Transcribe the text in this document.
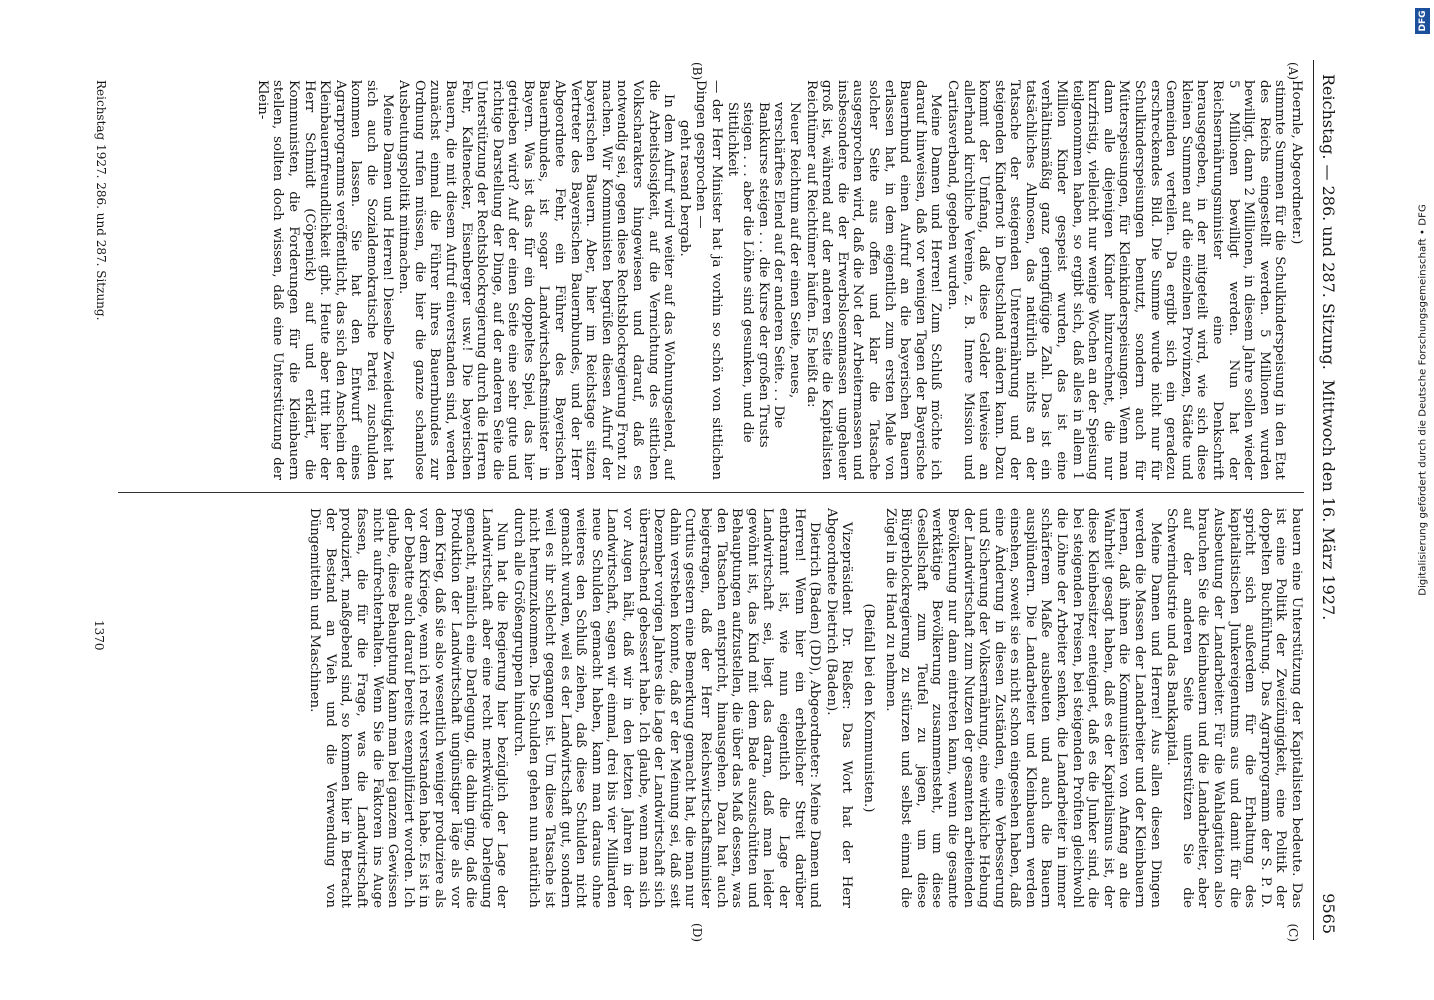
DFG
Digitalisierung gefördert durch die Deutsche Forschungsgemeinschaft • DFG
Reichstag. — 286. und 287. Sitzung.
Mittwoch den 16. März 1927.
9565
(A)
(B)
(C)
(D)

Hoernle, Abgeordneter.)

stimmte Summen für die Schulkinderspeisung in den Etat des Reichs eingestellt werden. 5 Millionen wurden bewilligt, dann 2 Millionen, in diesem Jahre sollen wieder 5 Millionen bewilligt werden. Nun hat der Reichsernährungsminister eine Denkschrift herausgegeben, in der mitgeteilt wird, wie sich diese kleinen Summen auf die einzelnen Provinzen, Städte und Gemeinden verteilen. Da ergibt sich ein geradezu erschreckendes Bild. Die Summe wurde nicht nur für Schulkinderspeisungen benutzt, sondern auch für Mütterspeisungen, für Kleinkinderspeisungen. Wenn man dann alle diejenigen Kinder hinzurechnet, die nur kurzfristig, vielleicht nur wenige Wochen an der Speisung teilgenommen haben, so ergibt sich, daß alles in allem 1 Million Kinder gespeist wurden, das ist eine verhältnismäßig ganz geringfügige Zahl. Das ist ein tatsächliches Almosen, das natürlich nichts an der Tatsache der steigenden Unterernährung und der steigenden Kindernot in Deutschland ändern kann. Dazu kommt der Umfang, daß diese Gelder teilweise an allerhand kirchliche Vereine, z. B. Innere Mission und Caritasverband, gegeben wurden.

Meine Damen und Herren! Zum Schluß möchte ich darauf hinweisen, daß vor wenigen Tagen der Bayerische Bauernbund einen Aufruf an die bayerischen Bauern erlassen hat, in dem eigentlich zum ersten Male von solcher Seite aus offen und klar die Tatsache ausgesprochen wird, daß die Not der Arbeitermassen und insbesondere die der Erwerbslosenmassen ungeheuer groß ist, während auf der anderen Seite die Kapitalisten Reichtümer auf Reichtümer häufen. Es heißt da:

Neuer Reichtum auf der einen Seite, neues, verschärftes Elend auf der anderen Seite. . . Die Bankkurse steigen . . . die Kurse der großen Trusts steigen . . . aber die Löhne sind gesunken, und die Sittlichkeit

— der Herr Minister hat ja vorhin so schön von sittlichen Dingen gesprochen —

geht rasend bergab.

In dem Aufruf wird weiter auf das Wohnungselend, auf die Arbeitslosigkeit, auf die Vernichtung des sittlichen Volkscharakters hingewiesen und darauf, daß es notwendig sei, gegen diese Rechtsblockregierung Front zu machen. Wir Kommunisten begrüßen diesen Aufruf der bayerischen Bauern. Aber, hier im Reichstage sitzen Vertreter des Bayerischen Bauernbundes, und der Herr Abgeordnete Fehr, ein Führer des Bayerischen Bauernbundes, ist sogar Landwirtschaftsminister in Bayern. Was ist das für ein doppeltes Spiel, das hier getrieben wird? Auf der einen Seite eine sehr gute und richtige Darstellung der Dinge, auf der anderen Seite die Unterstützung der Rechtsblockregierung durch die Herren Fehr, Kaltenecker, Eisenberger usw.! Die bayerischen Bauern, die mit diesem Aufruf einverstanden sind, werden zunächst einmal die Führer ihres Bauernbundes zur Ordnung rufen müssen, die hier die ganze schamlose Ausbeutungspolitik mitmachen.

Meine Damen und Herren! Dieselbe Zweideutigkeit hat sich auch die Sozialdemokratische Partei zuschulden kommen lassen. Sie hat den Entwurf eines Agrarprogramms veröffentlicht, das sich den Anschein der Kleinbauernfreundlichkeit gibt. Heute aber tritt hier der Herr Schmidt (Cöpenick) auf und erklärt, die Kommunisten, die Forderungen für die Kleinbauern stellen, sollten doch wissen, daß eine Unterstützung der Klein-

bauern eine Unterstützung der Kapitalisten bedeute. Das ist eine Politik der Zweizüngigkeit, eine Politik der doppelten Buchführung. Das Agrarprogramm der S. P. D. spricht sich außerdem für die Erhaltung des kapitalistischen Junkereigentums aus und damit für die Ausbeutung der Landarbeiter. Für die Wahlagitation also brauchen Sie die Kleinbauern und die Landarbeiter, aber auf der anderen Seite unterstützen Sie die Schwerindustrie und das Bankkapital.

Meine Damen und Herren! Aus allen diesen Dingen werden die Massen der Landarbeiter und der Kleinbauern lernen, daß ihnen die Kommunisten von Anfang an die Wahrheit gesagt haben, daß es der Kapitalismus ist, der diese Kleinbesitzer enteignet, daß es die Junker sind, die bei steigenden Preisen, bei steigenden Profiten gleichwohl die Löhne der Arbeiter senken, die Landarbeiter in immer schärferem Maße ausbeuten und auch die Bauern ausplündern. Die Landarbeiter und Kleinbauern werden einsehen, soweit sie es nicht schon eingesehen haben, daß eine Änderung in diesen Zuständen, eine Verbesserung und Sicherung der Volksernährung, eine wirkliche Hebung der Landwirtschaft zum Nutzen der gesamten arbeitenden Bevölkerung nur dann eintreten kann, wenn die gesamte werktätige Bevölkerung zusammensteht, um diese Gesellschaft zum Teufel zu jagen, um diese Bürgerblockregierung zu stürzen und selbst einmal die Zügel in die Hand zu nehmen.

(Beifall bei den Kommunisten.)

Vizepräsident Dr. Rießer: Das Wort hat der Herr Abgeordnete Dietrich (Baden).

Dietrich (Baden) (DD), Abgeordneter: Meine Damen und Herren! Wenn hier ein erheblicher Streit darüber entbrannt ist, wie nun eigentlich die Lage der Landwirtschaft sei, liegt das daran, daß man leider gewöhnt ist, das Kind mit dem Bade auszuschütten und Behauptungen aufzustellen, die über das Maß dessen, was den Tatsachen entspricht, hinausgehen. Dazu hat auch beigetragen, daß der Herr Reichswirtschaftsminister Curtius gestern eine Bemerkung gemacht hat, die man nur dahin verstehen konnte, daß er der Meinung sei, daß seit Dezember vorigen Jahres die Lage der Landwirtschaft sich überraschend gebessert habe. Ich glaube, wenn man sich vor Augen hält, daß wir in den letzten Jahren in der Landwirtschaft, sagen wir einmal, drei bis vier Milliarden neue Schulden gemacht haben, kann man daraus ohne weiteres den Schluß ziehen, daß diese Schulden nicht gemacht wurden, weil es der Landwirtschaft gut, sondern weil es ihr schlecht gegangen ist. Um diese Tatsache ist nicht herumzukommen. Die Schulden gehen nun natürlich durch alle Größengruppen hindurch.

Nun hat die Regierung hier bezüglich der Lage der Landwirtschaft aber eine recht merkwürdige Darlegung gemacht, nämlich eine Darlegung, die dahin ging, daß die Produktion der Landwirtschaft ungünstiger läge als vor dem Krieg, daß sie also wesentlich weniger produziere als vor dem Kriege, wenn ich recht verstanden habe. Es ist in der Debatte auch darauf bereits exemplifiziert worden. Ich glaube, diese Behauptung kann man bei ganzem Gewissen nicht aufrechterhalten. Wenn Sie die Faktoren ins Auge fassen, die für die Frage, was die Landwirtschaft produziert, maßgebend sind, so kommen hier in Betracht der Bestand an Vieh und die Verwendung von Düngemitteln und Maschinen.

Reichstag 1927. 286. und 287. Sitzung.
1370
